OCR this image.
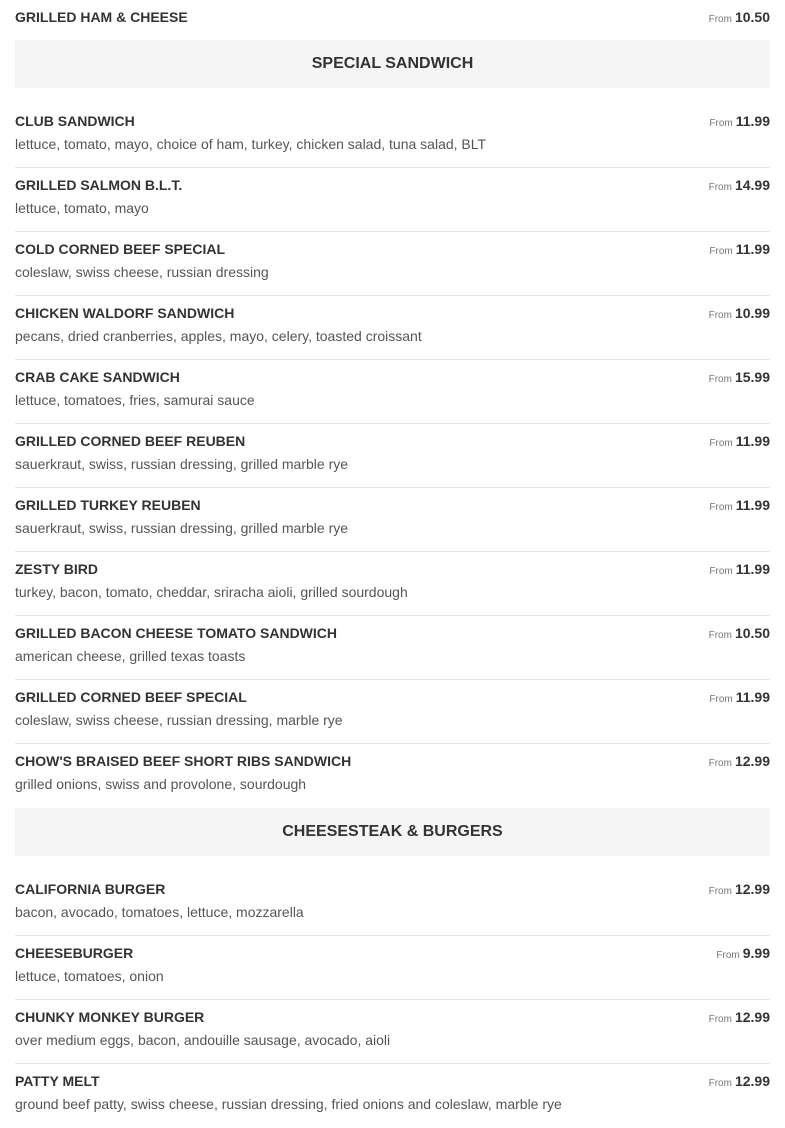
GRILLED HAM & CHEESE	From 10.50
SPECIAL SANDWICH
CLUB SANDWICH
lettuce, tomato, mayo, choice of ham, turkey, chicken salad, tuna salad, BLT
From 11.99
GRILLED SALMON B.L.T.
lettuce, tomato, mayo
From 14.99
COLD CORNED BEEF SPECIAL
coleslaw, swiss cheese, russian dressing
From 11.99
CHICKEN WALDORF SANDWICH
pecans, dried cranberries, apples, mayo, celery, toasted croissant
From 10.99
CRAB CAKE SANDWICH
lettuce, tomatoes, fries, samurai sauce
From 15.99
GRILLED CORNED BEEF REUBEN
sauerkraut, swiss, russian dressing, grilled marble rye
From 11.99
GRILLED TURKEY REUBEN
sauerkraut, swiss, russian dressing, grilled marble rye
From 11.99
ZESTY BIRD
turkey, bacon, tomato, cheddar, sriracha aioli, grilled sourdough
From 11.99
GRILLED BACON CHEESE TOMATO SANDWICH
american cheese, grilled texas toasts
From 10.50
GRILLED CORNED BEEF SPECIAL
coleslaw, swiss cheese, russian dressing, marble rye
From 11.99
CHOW'S BRAISED BEEF SHORT RIBS SANDWICH
grilled onions, swiss and provolone, sourdough
From 12.99
CHEESESTEAK & BURGERS
CALIFORNIA BURGER
bacon, avocado, tomatoes, lettuce, mozzarella
From 12.99
CHEESEBURGER
lettuce, tomatoes, onion
From 9.99
CHUNKY MONKEY BURGER
over medium eggs, bacon, andouille sausage, avocado, aioli
From 12.99
PATTY MELT
ground beef patty, swiss cheese, russian dressing, fried onions and coleslaw, marble rye
From 12.99
